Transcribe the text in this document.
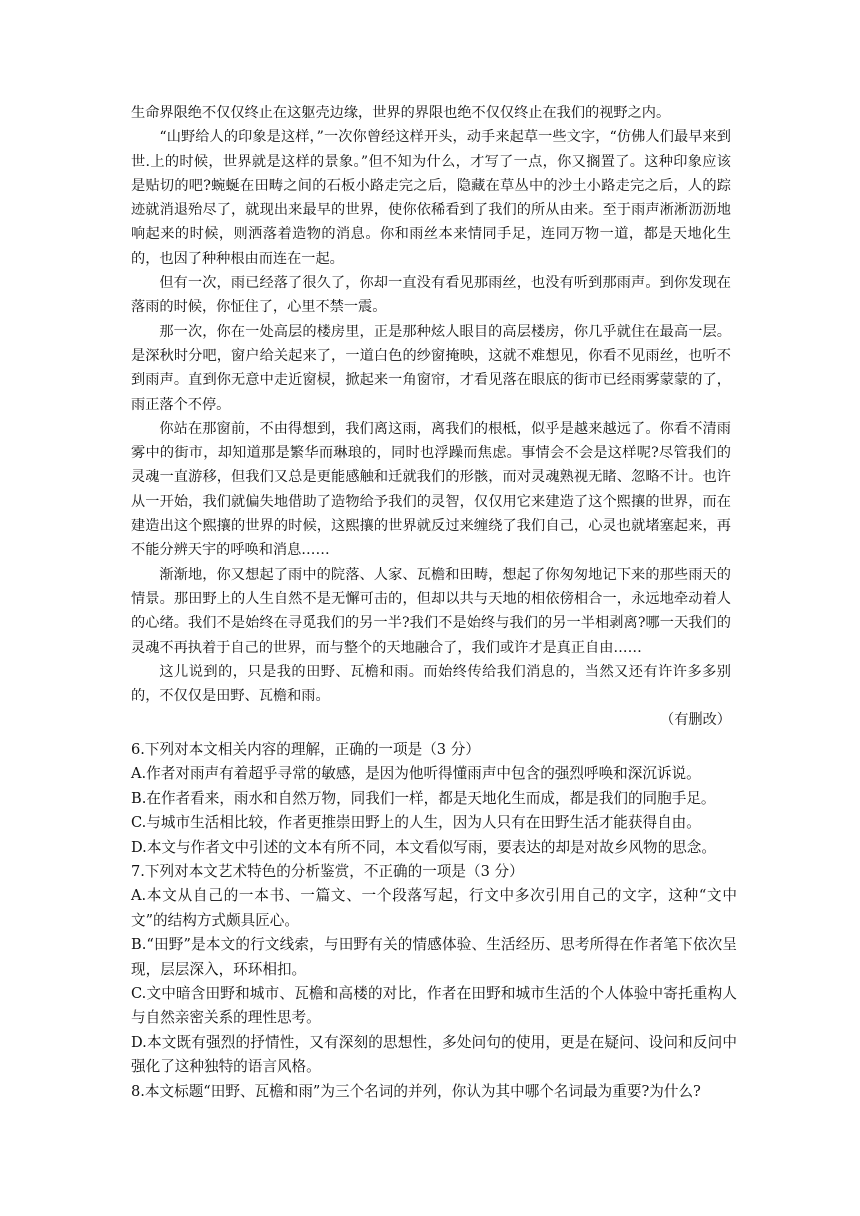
生命界限绝不仅仅终止在这躯壳边缘，世界的界限也绝不仅仅终止在我们的视野之内。

“山野给人的印象是这样，”一次你曾经这样开头，动手来起草一些文字，“仿佛人们最早来到世.上的时候，世界就是这样的景象。”但不知为什么，才写了一点，你又搁置了。这种印象应该是贴切的吧?蜿蜒在田畴之间的石板小路走完之后，隐藏在草丛中的沙土小路走完之后，人的踪迹就消退殆尽了，就现出来最早的世界，使你依稀看到了我们的所从由来。至于雨声淅淅沥沥地响起来的时候，则洒落着造物的消息。你和雨丝本来情同手足，连同万物一道，都是天地化生的，也因了种种根由而连在一起。

但有一次，雨已经落了很久了，你却一直没有看见那雨丝，也没有听到那雨声。到你发现在落雨的时候，你怔住了，心里不禁一震。

那一次，你在一处高层的楼房里，正是那种炫人眼目的高层楼房，你几乎就住在最高一层。是深秋时分吧，窗户给关起来了，一道白色的纱窗掩映，这就不难想见，你看不见雨丝，也听不到雨声。直到你无意中走近窗棂，掀起来一角窗帘，才看见落在眼底的街市已经雨雾蒙蒙的了，雨正落个不停。

你站在那窗前，不由得想到，我们离这雨，离我们的根柢，似乎是越来越远了。你看不清雨雾中的街市，却知道那是繁华而琳琅的，同时也浮躁而焦虑。事情会不会是这样呢?尽管我们的灵魂一直游移，但我们又总是更能感触和迁就我们的形骸，而对灵魂熟视无睹、忽略不计。也许从一开始，我们就偏失地借助了造物给予我们的灵智，仅仅用它来建造了这个熙攘的世界，而在建造出这个熙攘的世界的时候，这熙攘的世界就反过来缠绕了我们自己，心灵也就堵塞起来，再不能分辨天宇的呼唤和消息……

渐渐地，你又想起了雨中的院落、人家、瓦檐和田畴，想起了你匆匆地记下来的那些雨天的情景。那田野上的人生自然不是无懈可击的，但却以共与天地的相依傍相合一，永远地牵动着人的心绪。我们不是始终在寻觅我们的另一半?我们不是始终与我们的另一半相剥离?哪一天我们的灵魂不再执着于自己的世界，而与整个的天地融合了，我们或许才是真正自由……

这儿说到的，只是我的田野、瓦檐和雨。而始终传给我们消息的，当然又还有许许多多别的，不仅仅是田野、瓦檐和雨。

（有删改）

6.下列对本文相关内容的理解，正确的一项是（3 分）

A.作者对雨声有着超乎寻常的敏感，是因为他听得懂雨声中包含的强烈呼唤和深沉诉说。

B.在作者看来，雨水和自然万物，同我们一样，都是天地化生而成，都是我们的同胞手足。

C.与城市生活相比较，作者更推崇田野上的人生，因为人只有在田野生活才能获得自由。

D.本文与作者文中引述的文本有所不同，本文看似写雨，要表达的却是对故乡风物的思念。

7.下列对本文艺术特色的分析鉴赏，不正确的一项是（3 分）

A.本文从自己的一本书、一篇文、一个段落写起，行文中多次引用自己的文字，这种“文中文”的结构方式颇具匠心。

B.“田野”是本文的行文线索，与田野有关的情感体验、生活经历、思考所得在作者笔下依次呈现，层层深入，环环相扣。

C.文中暗含田野和城市、瓦檐和高楼的对比，作者在田野和城市生活的个人体验中寄托重构人与自然亲密关系的理性思考。

D.本文既有强烈的抒情性，又有深刻的思想性，多处问句的使用，更是在疑问、设问和反问中强化了这种独特的语言风格。

8.本文标题“田野、瓦檐和雨”为三个名词的并列，你认为其中哪个名词最为重要?为什么?
